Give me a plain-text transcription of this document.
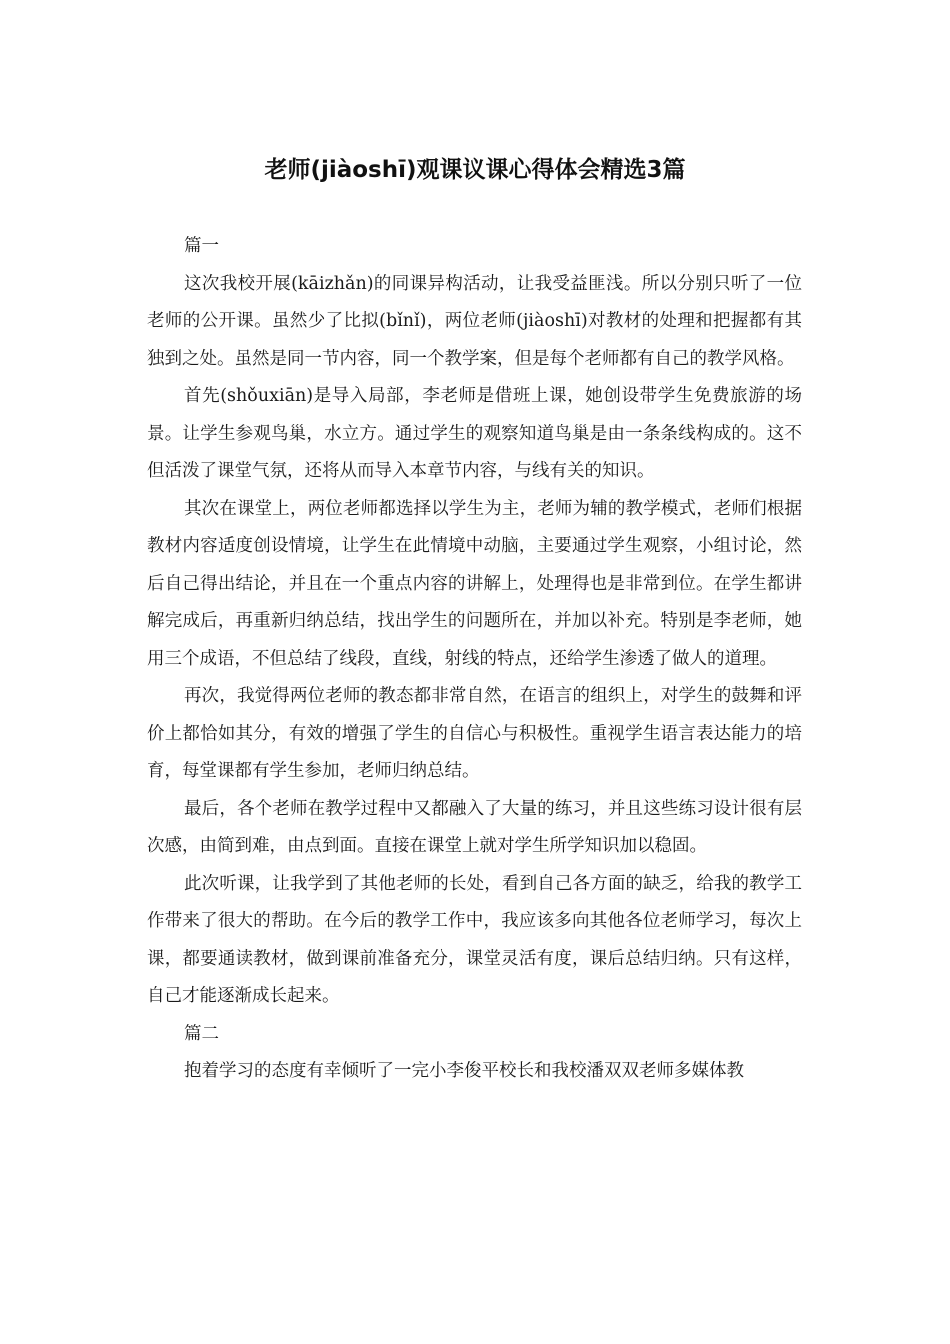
老师(jiàoshī)观课议课心得体会精选3篇

篇一

这次我校开展(kāizhǎn)的同课异构活动，让我受益匪浅。所以分别只听了一位老师的公开课。虽然少了比拟(bǐnǐ)，两位老师(jiàoshī)对教材的处理和把握都有其独到之处。虽然是同一节内容，同一个教学案，但是每个老师都有自己的教学风格。

首先(shǒuxiān)是导入局部，李老师是借班上课，她创设带学生免费旅游的场景。让学生参观鸟巢，水立方。通过学生的观察知道鸟巢是由一条条线构成的。这不但活泼了课堂气氛，还将从而导入本章节内容，与线有关的知识。

其次在课堂上，两位老师都选择以学生为主，老师为辅的教学模式，老师们根据教材内容适度创设情境，让学生在此情境中动脑，主要通过学生观察，小组讨论，然后自己得出结论，并且在一个重点内容的讲解上，处理得也是非常到位。在学生都讲解完成后，再重新归纳总结，找出学生的问题所在，并加以补充。特别是李老师，她用三个成语，不但总结了线段，直线，射线的特点，还给学生渗透了做人的道理。

再次，我觉得两位老师的教态都非常自然，在语言的组织上，对学生的鼓舞和评价上都恰如其分，有效的增强了学生的自信心与积极性。重视学生语言表达能力的培育，每堂课都有学生参加，老师归纳总结。

最后，各个老师在教学过程中又都融入了大量的练习，并且这些练习设计很有层次感，由简到难，由点到面。直接在课堂上就对学生所学知识加以稳固。

此次听课，让我学到了其他老师的长处，看到自己各方面的缺乏，给我的教学工作带来了很大的帮助。在今后的教学工作中，我应该多向其他各位老师学习，每次上课，都要通读教材，做到课前准备充分，课堂灵活有度，课后总结归纳。只有这样，自己才能逐渐成长起来。

篇二

抱着学习的态度有幸倾听了一完小李俊平校长和我校潘双双老师多媒体教
